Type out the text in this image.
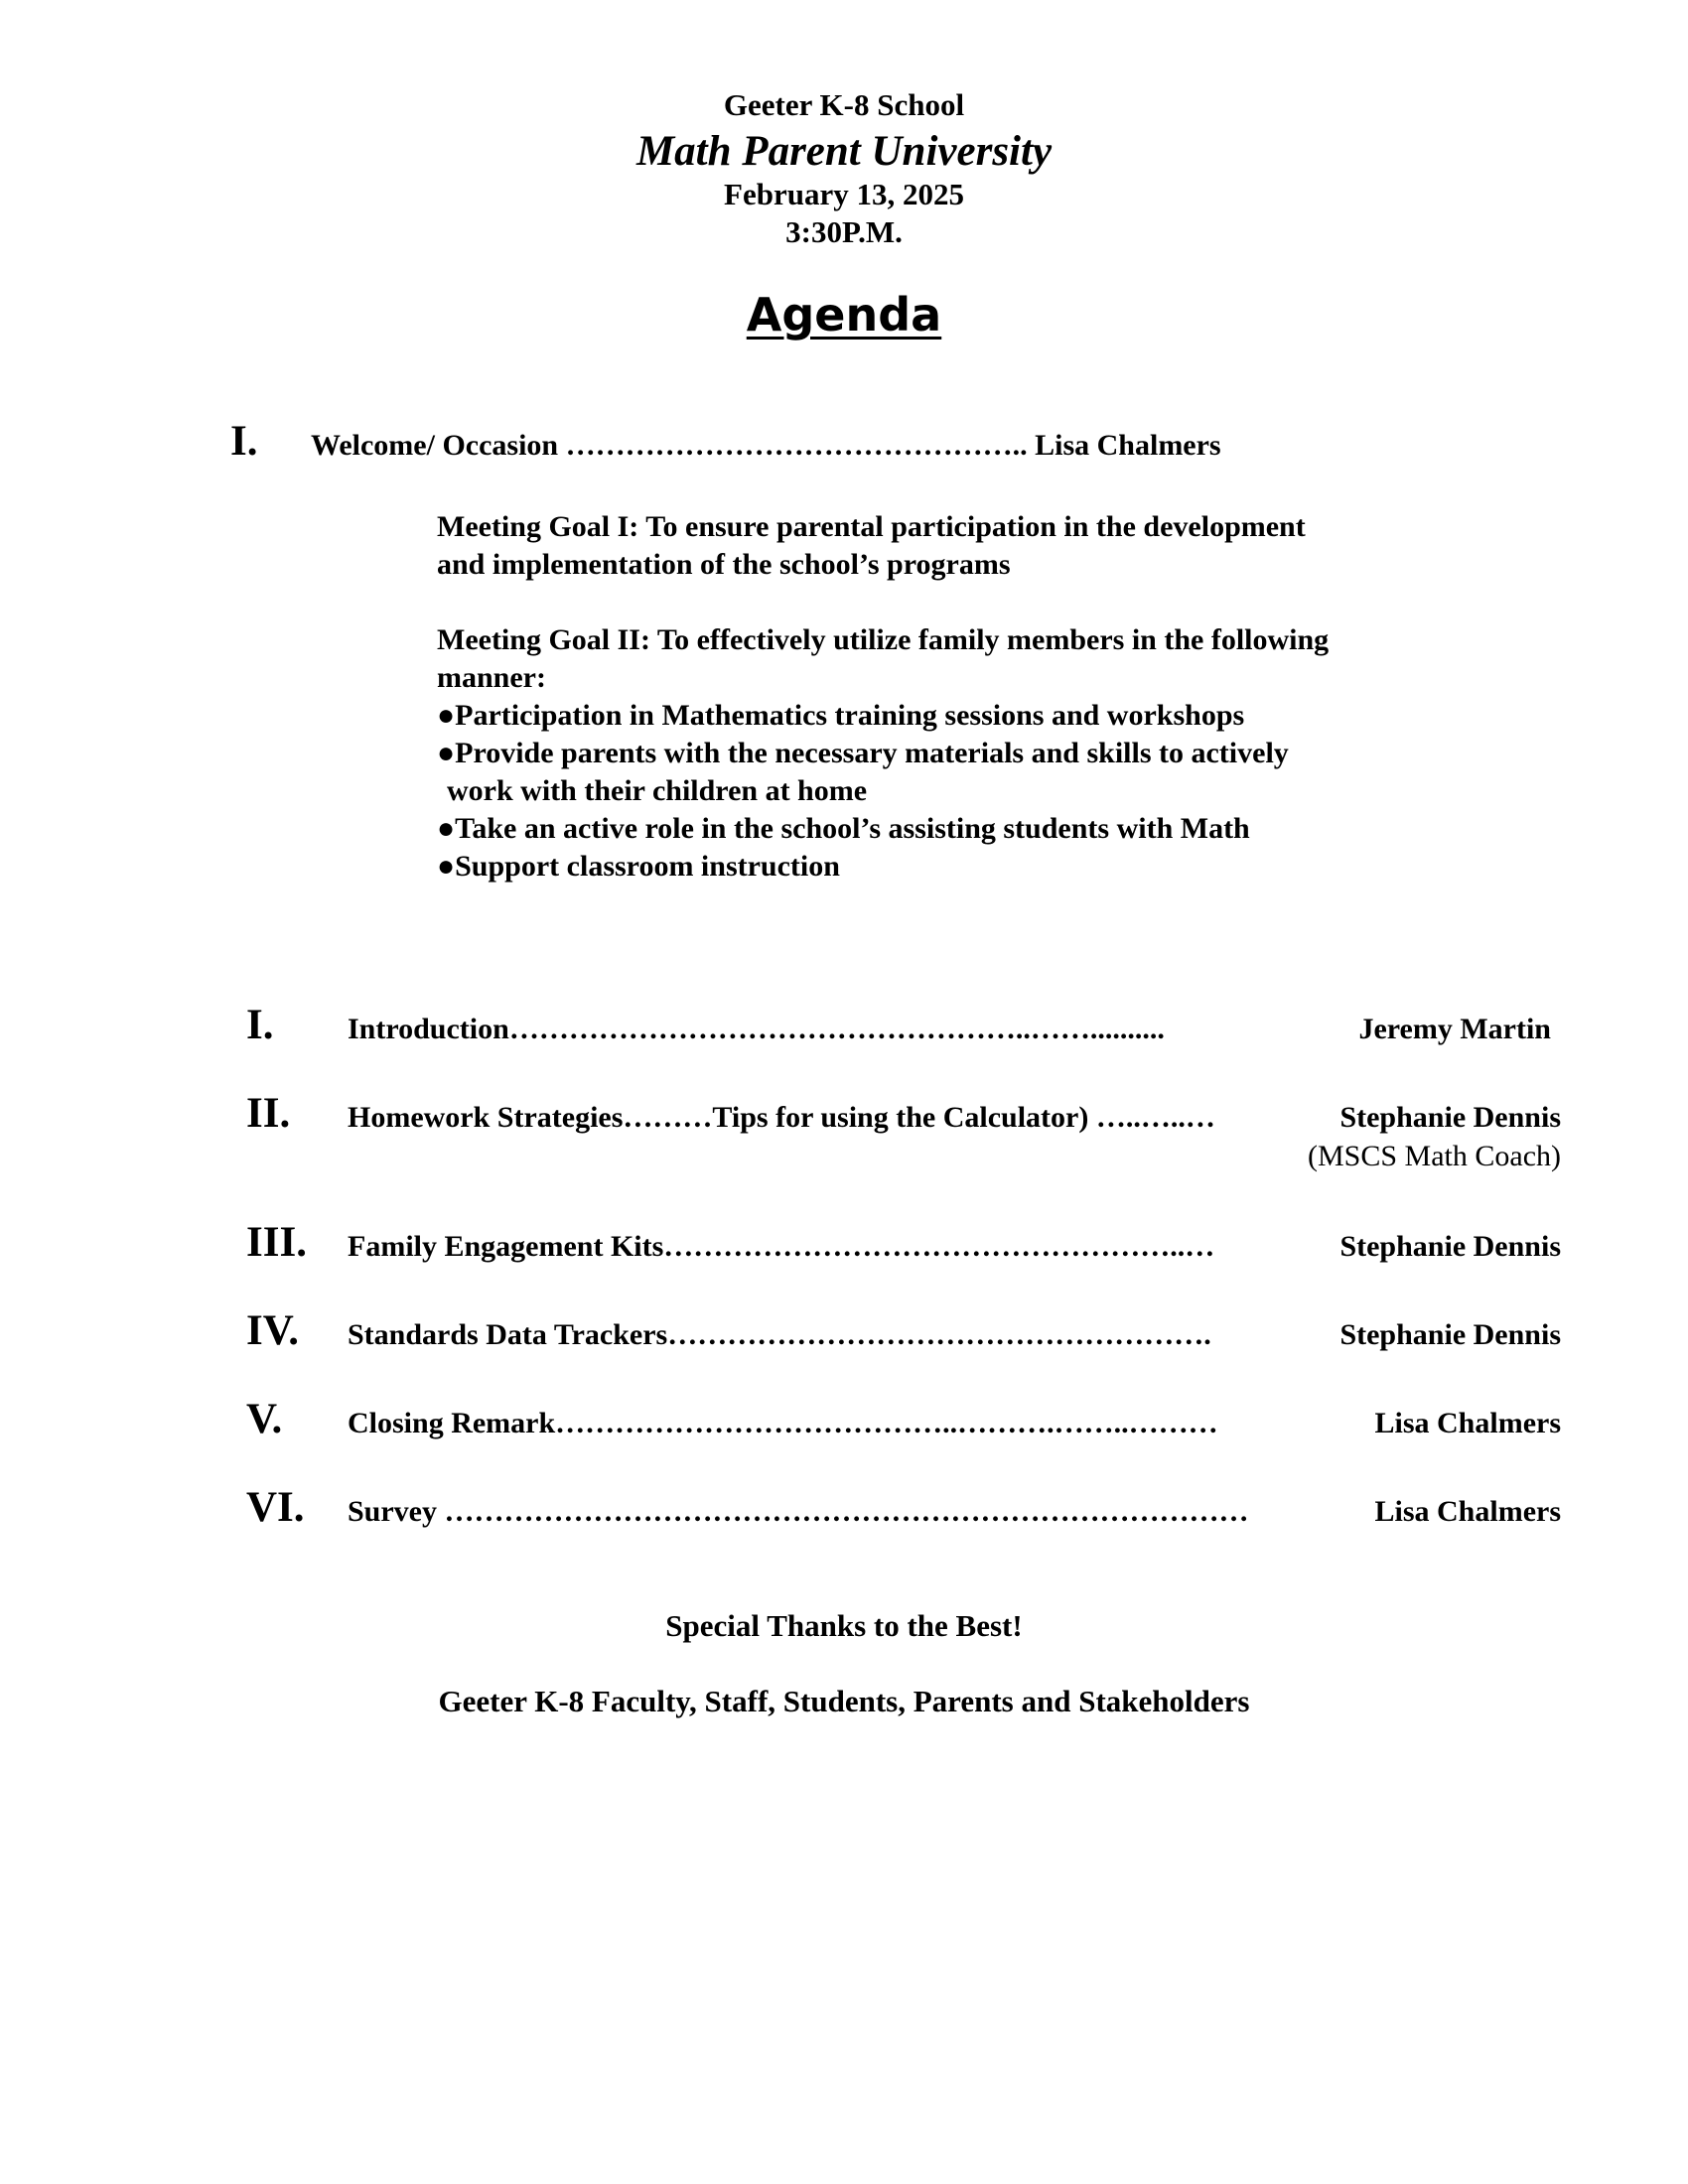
Geeter K-8 School
Math Parent University
February 13, 2025
3:30P.M.
Agenda
I. Welcome/ Occasion ……………………………………….. Lisa Chalmers

Meeting Goal I: To ensure parental participation in the development

and implementation of the school’s programs

Meeting Goal II: To effectively utilize family members in the following

manner:

●Participation in Mathematics training sessions and workshops

●Provide parents with the necessary materials and skills to actively

work with their children at home

●Take an active role in the school’s assisting students with Math

●Support classroom instruction

I. Introduction……………………………………………..……..........	Jeremy Martin
II. Homework Strategies………Tips for using the Calculator) …..…..…	Stephanie Dennis
(MSCS Math Coach)
III. Family Engagement Kits……………………………………………..…	Stephanie Dennis
IV. Standards Data Trackers……………………………………………….	Stephanie Dennis
V. Closing Remark…………………………………..……….……..………	Lisa Chalmers
VI. Survey ………………………………………………………………………	Lisa Chalmers
Special Thanks to the Best!
Geeter K-8 Faculty, Staff, Students, Parents and Stakeholders
